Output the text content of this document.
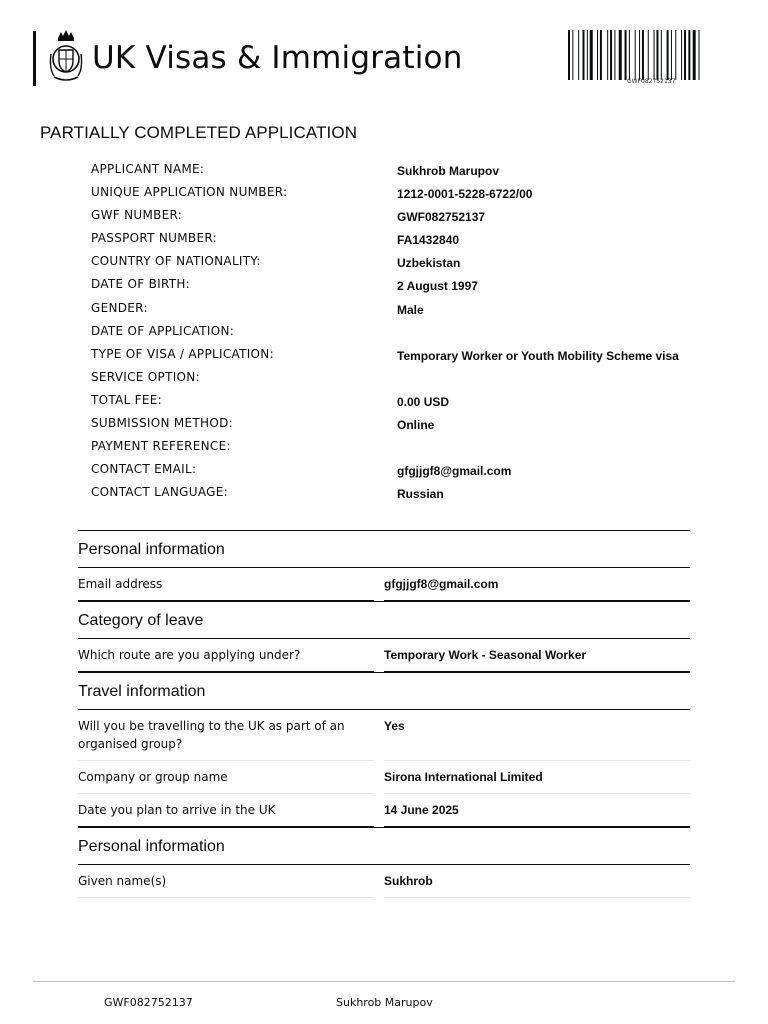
UK Visas & Immigration
GWF082752137
PARTIALLY COMPLETED APPLICATION
APPLICANT NAME:	Sukhrob Marupov
UNIQUE APPLICATION NUMBER:	1212-0001-5228-6722/00
GWF NUMBER:	GWF082752137
PASSPORT NUMBER:	FA1432840
COUNTRY OF NATIONALITY:	Uzbekistan
DATE OF BIRTH:	2 August 1997
GENDER:	Male
DATE OF APPLICATION:
TYPE OF VISA / APPLICATION:	Temporary Worker or Youth Mobility Scheme visa
SERVICE OPTION:
TOTAL FEE:	0.00 USD
SUBMISSION METHOD:	Online
PAYMENT REFERENCE:
CONTACT EMAIL:	gfgjjgf8@gmail.com
CONTACT LANGUAGE:	Russian
Personal information
Email address	gfgjjgf8@gmail.com
Category of leave
Which route are you applying under?	Temporary Work - Seasonal Worker
Travel information
Will you be travelling to the UK as part of an organised group?
Yes
Company or group name	Sirona International Limited
Date you plan to arrive in the UK	14 June 2025
Personal information
Given name(s)	Sukhrob
GWF082752137	Sukhrob Marupov
